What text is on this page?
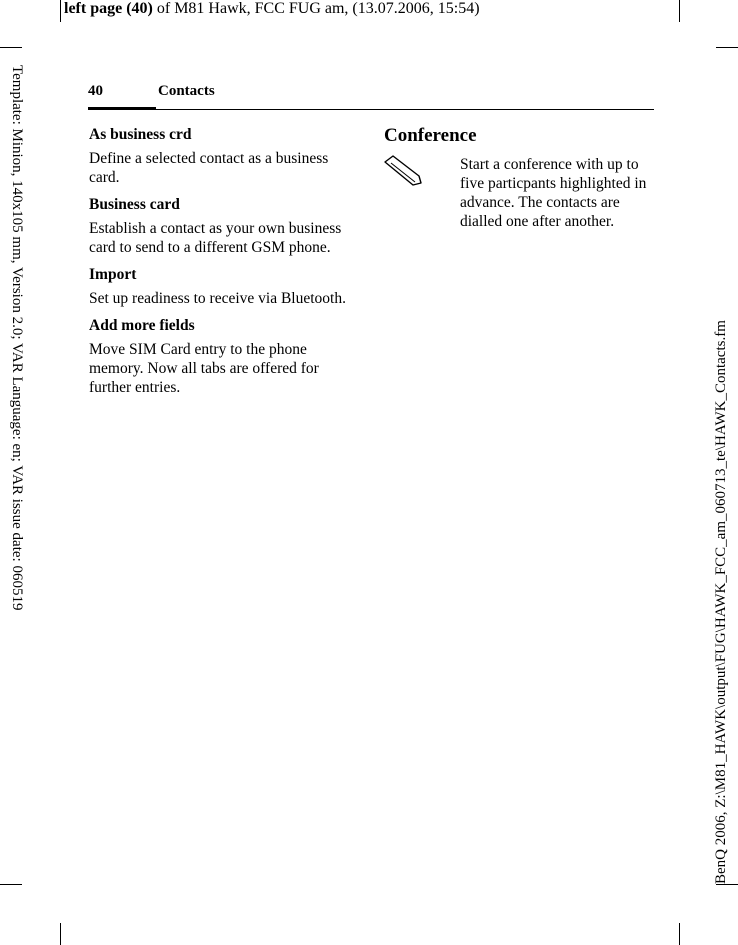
left page (40) of M81 Hawk, FCC FUG am, (13.07.2006, 15:54)
Template: Minion, 140x105 mm, Version 2.0; VAR Language: en; VAR issue date: 060519	BenQ 2006, Z:\M81_HAWK\output\FUG\HAWK_FCC_am_060713_te\HAWK_Contacts.fm
40	Contacts
As business crd

Define a selected contact as a business card.

Business card

Establish a contact as your own business card to send to a different GSM phone.

Import

Set up readiness to receive via Bluetooth.

Add more fields

Move SIM Card entry to the phone memory. Now all tabs are offered for further entries.

Conference

Start a conference with up to five particpants highlighted in advance. The contacts are dialled one after another.
